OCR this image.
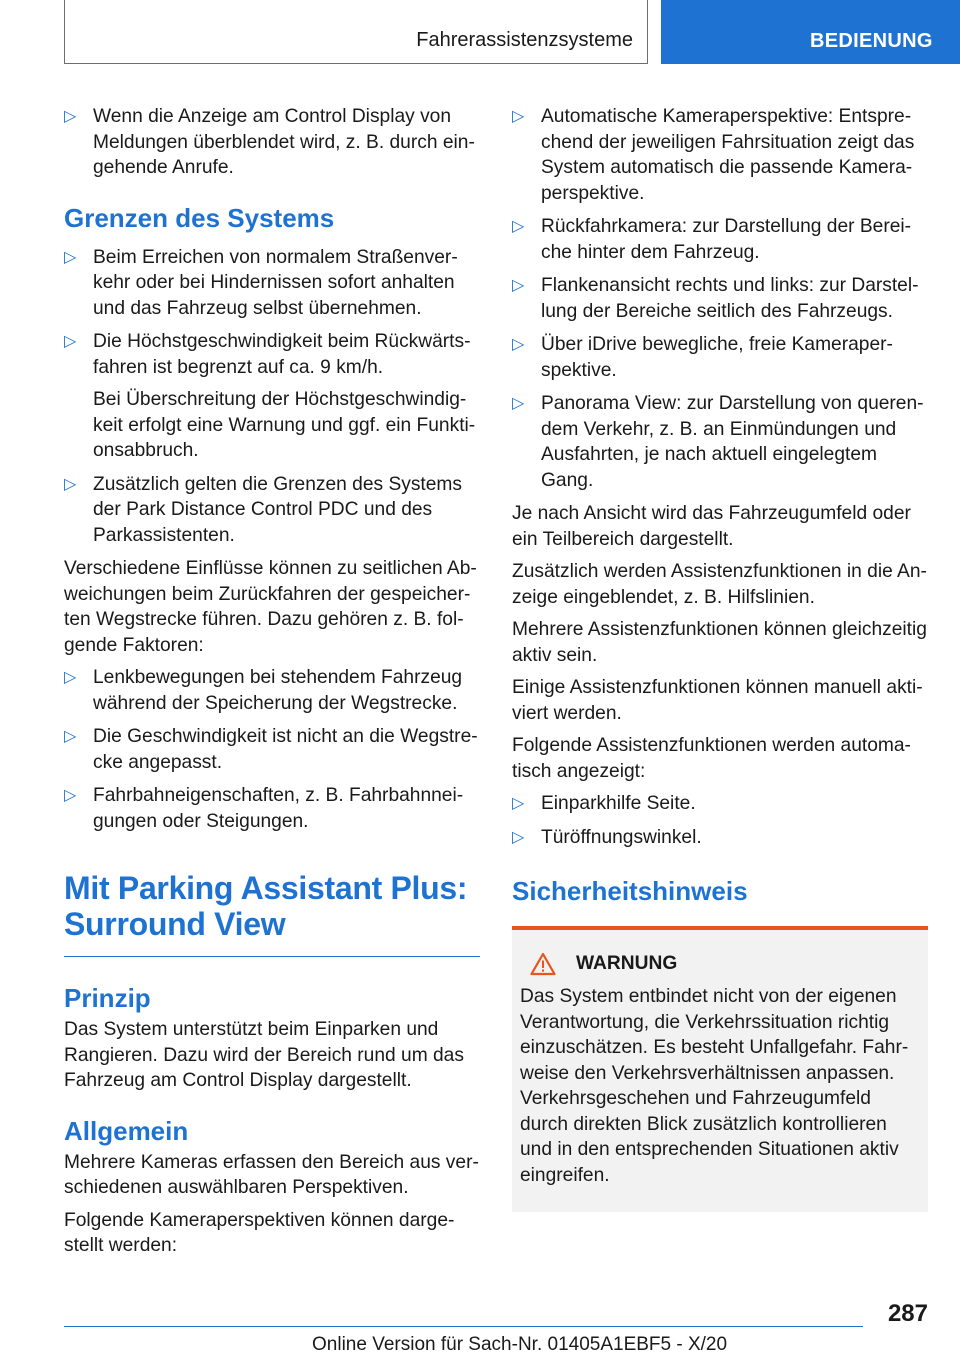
Fahrerassistenzsysteme	BEDIENUNG
▷ Wenn die Anzeige am Control Display von Meldungen überblendet wird, z. B. durch eingehende Anrufe.
Grenzen des Systems
▷ Beim Erreichen von normalem Straßenverkehr oder bei Hindernissen sofort anhalten und das Fahrzeug selbst übernehmen.
▷ Die Höchstgeschwindigkeit beim Rückwärtsfahren ist begrenzt auf ca. 9 km/h.
Bei Überschreitung der Höchstgeschwindigkeit erfolgt eine Warnung und ggf. ein Funktionsabbruch.
▷ Zusätzlich gelten die Grenzen des Systems der Park Distance Control PDC und des Parkassistenten.

Verschiedene Einflüsse können zu seitlichen Abweichungen beim Zurückfahren der gespeicherten Wegstrecke führen. Dazu gehören z. B. folgende Faktoren:

▷ Lenkbewegungen bei stehendem Fahrzeug während der Speicherung der Wegstrecke.
▷ Die Geschwindigkeit ist nicht an die Wegstrecke angepasst.
▷ Fahrbahneigenschaften, z. B. Fahrbahnneigungen oder Steigungen.
Mit Parking Assistant Plus:
Surround View
Prinzip

Das System unterstützt beim Einparken und Rangieren. Dazu wird der Bereich rund um das Fahrzeug am Control Display dargestellt.

Allgemein

Mehrere Kameras erfassen den Bereich aus verschiedenen auswählbaren Perspektiven.

Folgende Kameraperspektiven können dargestellt werden:

▷ Automatische Kameraperspektive: Entsprechend der jeweiligen Fahrsituation zeigt das System automatisch die passende Kameraperspektive.
▷ Rückfahrkamera: zur Darstellung der Bereiche hinter dem Fahrzeug.
▷ Flankenansicht rechts und links: zur Darstellung der Bereiche seitlich des Fahrzeugs.
▷ Über iDrive bewegliche, freie Kameraperspektive.
▷ Panorama View: zur Darstellung von querendem Verkehr, z. B. an Einmündungen und Ausfahrten, je nach aktuell eingelegtem Gang.

Je nach Ansicht wird das Fahrzeugumfeld oder ein Teilbereich dargestellt.

Zusätzlich werden Assistenzfunktionen in die Anzeige eingeblendet, z. B. Hilfslinien.

Mehrere Assistenzfunktionen können gleichzeitig aktiv sein.

Einige Assistenzfunktionen können manuell aktiviert werden.

Folgende Assistenzfunktionen werden automatisch angezeigt:

▷ Einparkhilfe Seite.
▷ Türöffnungswinkel.
Sicherheitshinweis
WARNUNG

Das System entbindet nicht von der eigenen Verantwortung, die Verkehrssituation richtig einzuschätzen. Es besteht Unfallgefahr. Fahrweise den Verkehrsverhältnissen anpassen. Verkehrsgeschehen und Fahrzeugumfeld durch direkten Blick zusätzlich kontrollieren und in den entsprechenden Situationen aktiv eingreifen.

287
Online Version für Sach-Nr. 01405A1EBF5 - X/20
